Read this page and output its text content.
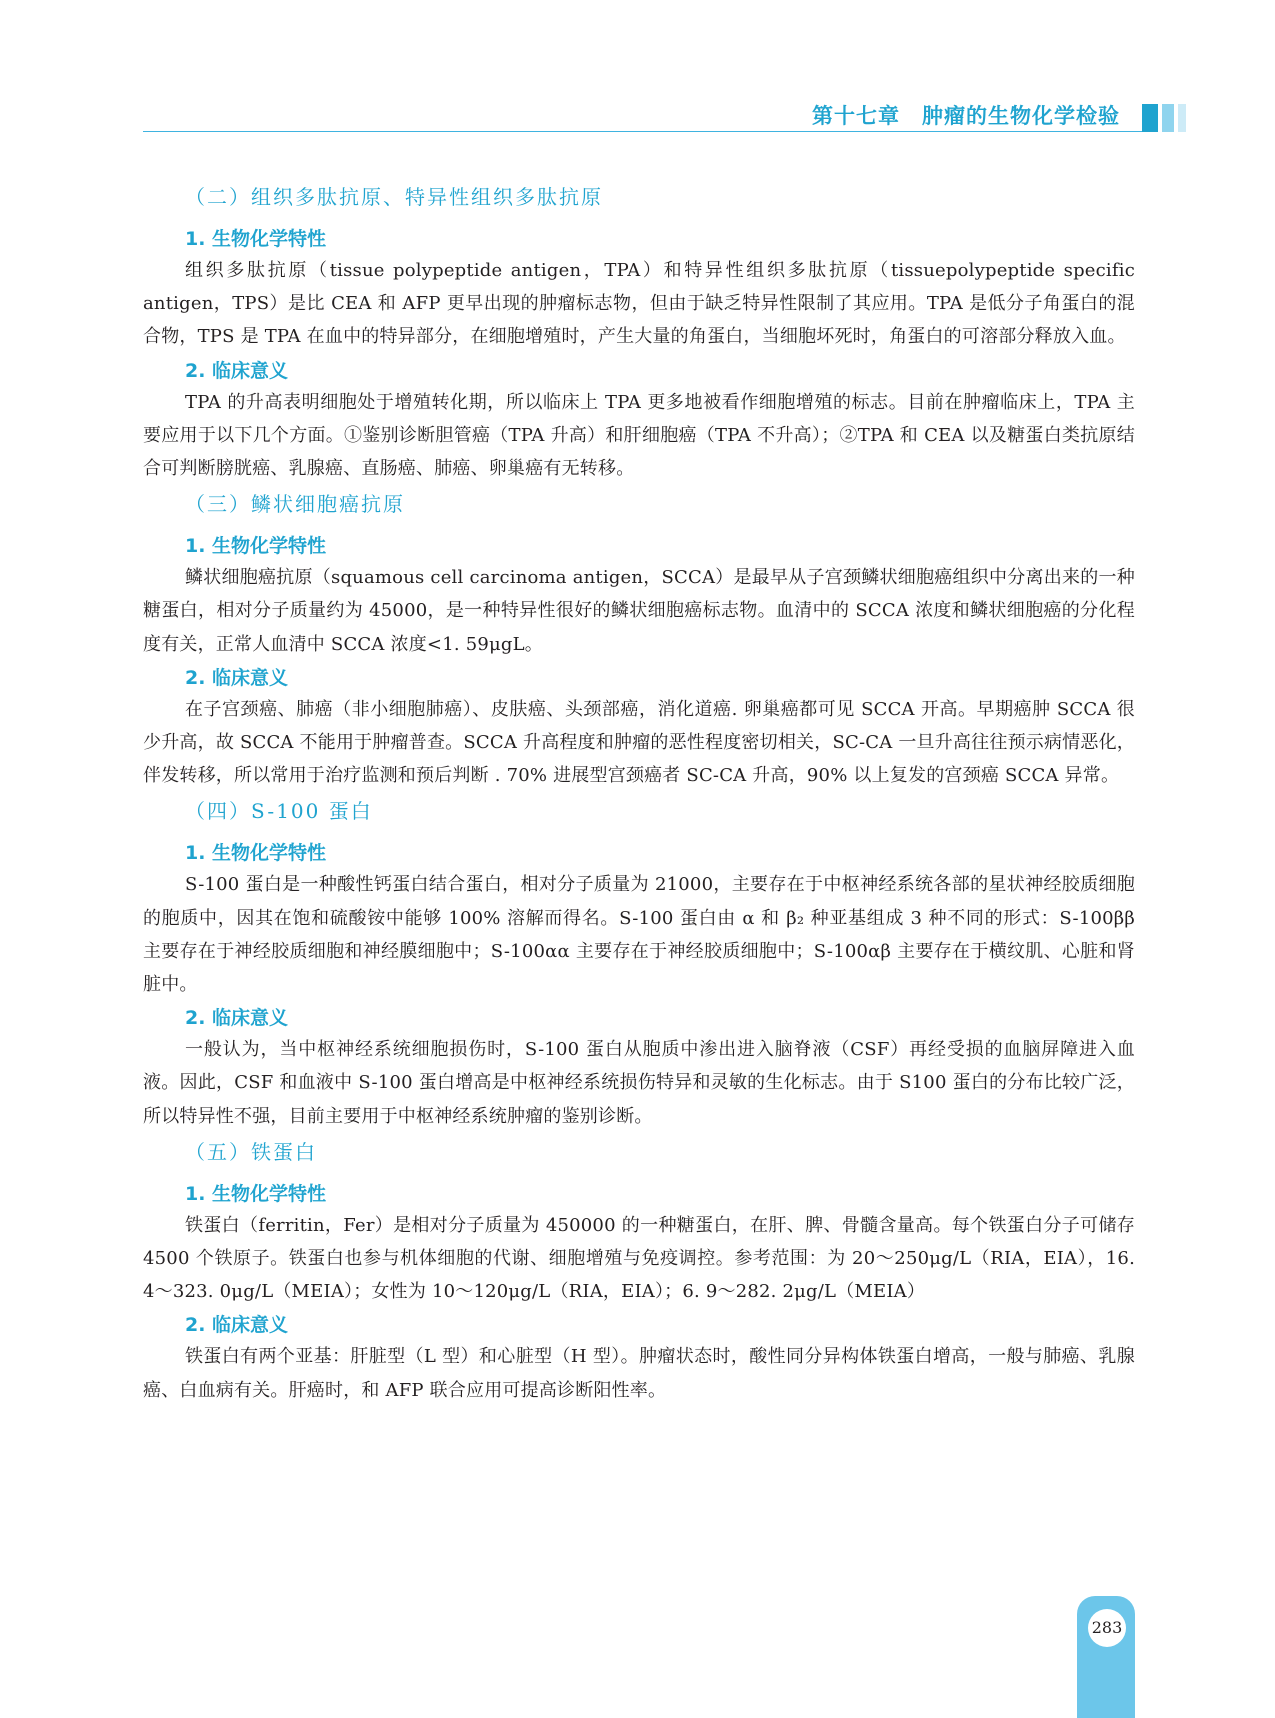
第十七章　肿瘤的生物化学检验
（二）组织多肽抗原、特异性组织多肽抗原
1. 生物化学特性

组织多肽抗原（tissue polypeptide antigen，TPA）和特异性组织多肽抗原（tissuepolypeptide specific antigen，TPS）是比 CEA 和 AFP 更早出现的肿瘤标志物，但由于缺乏特异性限制了其应用。TPA 是低分子角蛋白的混合物，TPS 是 TPA 在血中的特异部分，在细胞增殖时，产生大量的角蛋白，当细胞坏死时，角蛋白的可溶部分释放入血。

2. 临床意义

TPA 的升高表明细胞处于增殖转化期，所以临床上 TPA 更多地被看作细胞增殖的标志。目前在肿瘤临床上，TPA 主要应用于以下几个方面。①鉴别诊断胆管癌（TPA 升高）和肝细胞癌（TPA 不升高）；②TPA 和 CEA 以及糖蛋白类抗原结合可判断膀胱癌、乳腺癌、直肠癌、肺癌、卵巢癌有无转移。

（三）鳞状细胞癌抗原
1. 生物化学特性

鳞状细胞癌抗原（squamous cell carcinoma antigen，SCCA）是最早从子宫颈鳞状细胞癌组织中分离出来的一种糖蛋白，相对分子质量约为 45000，是一种特异性很好的鳞状细胞癌标志物。血清中的 SCCA 浓度和鳞状细胞癌的分化程度有关，正常人血清中 SCCA 浓度<1. 59μgL。

2. 临床意义

在子宫颈癌、肺癌（非小细胞肺癌）、皮肤癌、头颈部癌，消化道癌. 卵巢癌都可见 SCCA 开高。早期癌肿 SCCA 很少升高，故 SCCA 不能用于肿瘤普查。SCCA 升高程度和肿瘤的恶性程度密切相关，SC-CA 一旦升高往往预示病情恶化，伴发转移，所以常用于治疗监测和预后判断 . 70% 进展型宫颈癌者 SC-CA 升高，90% 以上复发的宫颈癌 SCCA 异常。

（四）S-100 蛋白
1. 生物化学特性

S-100 蛋白是一种酸性钙蛋白结合蛋白，相对分子质量为 21000，主要存在于中枢神经系统各部的星状神经胶质细胞的胞质中，因其在饱和硫酸铵中能够 100% 溶解而得名。S-100 蛋白由 α 和 β₂ 种亚基组成 3 种不同的形式：S-100ββ 主要存在于神经胶质细胞和神经膜细胞中；S-100αα 主要存在于神经胶质细胞中；S-100αβ 主要存在于横纹肌、心脏和肾脏中。

2. 临床意义

一般认为，当中枢神经系统细胞损伤时，S-100 蛋白从胞质中渗出进入脑脊液（CSF）再经受损的血脑屏障进入血液。因此，CSF 和血液中 S-100 蛋白增高是中枢神经系统损伤特异和灵敏的生化标志。由于 S100 蛋白的分布比较广泛，所以特异性不强，目前主要用于中枢神经系统肿瘤的鉴别诊断。

（五）铁蛋白
1. 生物化学特性

铁蛋白（ferritin，Fer）是相对分子质量为 450000 的一种糖蛋白，在肝、脾、骨髓含量高。每个铁蛋白分子可储存 4500 个铁原子。铁蛋白也参与机体细胞的代谢、细胞增殖与免疫调控。参考范围：为 20～250μg/L（RIA，EIA），16. 4～323. 0μg/L（MEIA）；女性为 10～120μg/L（RIA，EIA）；6. 9～282. 2μg/L（MEIA）

2. 临床意义

铁蛋白有两个亚基：肝脏型（L 型）和心脏型（H 型）。肿瘤状态时，酸性同分异构体铁蛋白增高，一般与肺癌、乳腺癌、白血病有关。肝癌时，和 AFP 联合应用可提高诊断阳性率。

283
